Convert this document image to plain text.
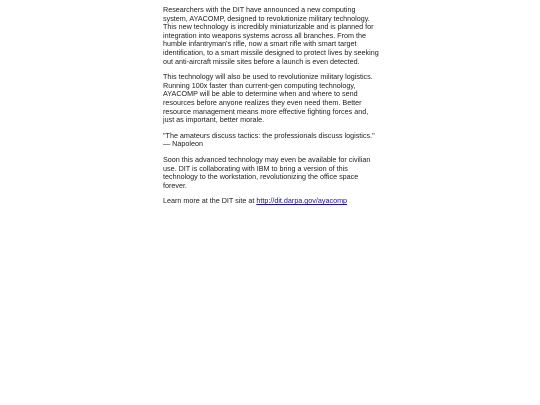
Researchers with the DIT have announced a new computing system, AYACOMP, designed to revolutionize military technology. This new technology is incredibly miniaturizable and is planned for integration into weapons systems across all branches. From the humble infantryman's rifle, now a smart rifle with smart target identification, to a smart missile designed to protect lives by seeking out anti-aircraft missile sites before a launch is even detected.

This technology will also be used to revolutionize military logistics. Running 100x faster than current-gen computing technology, AYACOMP will be able to determine when and where to send resources before anyone realizes they even need them. Better resource management means more effective fighting forces and, just as important, better morale.

"The amateurs discuss tactics: the professionals discuss logistics." — Napoleon

Soon this advanced technology may even be available for civilian use. DIT is collaborating with IBM to bring a version of this technology to the workstation, revolutionizing the office space forever.

Learn more at the DIT site at http://dit.darpa.gov/ayacomp
